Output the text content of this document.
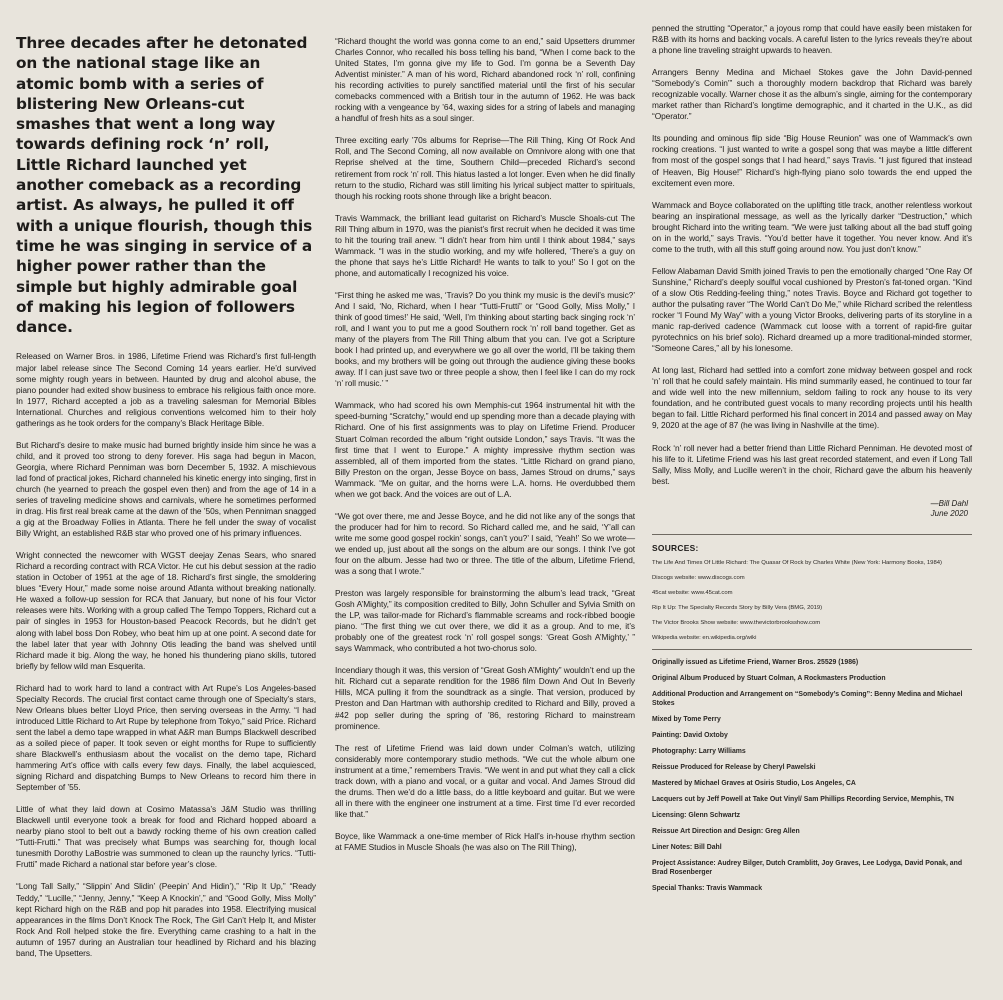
Three decades after he detonated on the national stage like an atomic bomb with a series of blistering New Orleans-cut smashes that went a long way towards defining rock ‘n’ roll, Little Richard launched yet another comeback as a recording artist. As always, he pulled it off with a unique flourish, though this time he was singing in service of a higher power rather than the simple but highly admirable goal of making his legion of followers dance.

Released on Warner Bros. in 1986, Lifetime Friend was Richard’s first full-length major label release since The Second Coming 14 years earlier. He’d survived some mighty rough years in between. Haunted by drug and alcohol abuse, the piano pounder had exited show business to embrace his religious faith once more. In 1977, Richard accepted a job as a traveling salesman for Memorial Bibles International. Churches and religious conventions welcomed him to their holy gatherings as he took orders for the company’s Black Heritage Bible.

But Richard’s desire to make music had burned brightly inside him since he was a child, and it proved too strong to deny forever. His saga had begun in Macon, Georgia, where Richard Penniman was born December 5, 1932. A mischievous lad fond of practical jokes, Richard channeled his kinetic energy into singing, first in church (he yearned to preach the gospel even then) and from the age of 14 in a series of traveling medicine shows and carnivals, where he sometimes performed in drag. His first real break came at the dawn of the ’50s, when Penniman snagged a gig at the Broadway Follies in Atlanta. There he fell under the sway of vocalist Billy Wright, an established R&B star who proved one of his primary influences.

Wright connected the newcomer with WGST deejay Zenas Sears, who snared Richard a recording contract with RCA Victor. He cut his debut session at the radio station in October of 1951 at the age of 18. Richard’s first single, the smoldering blues “Every Hour,” made some noise around Atlanta without breaking nationally. He waxed a follow-up session for RCA that January, but none of his four Victor releases were hits. Working with a group called The Tempo Toppers, Richard cut a pair of singles in 1953 for Houston-based Peacock Records, but he didn’t get along with label boss Don Robey, who beat him up at one point. A second date for the label later that year with Johnny Otis leading the band was shelved until Richard made it big. Along the way, he honed his thundering piano skills, tutored briefly by fellow wild man Esquerita.

Richard had to work hard to land a contract with Art Rupe’s Los Angeles-based Specialty Records. The crucial first contact came through one of Specialty’s stars, New Orleans blues belter Lloyd Price, then serving overseas in the Army. “I had introduced Little Richard to Art Rupe by telephone from Tokyo,” said Price. Richard sent the label a demo tape wrapped in what A&R man Bumps Blackwell described as a soiled piece of paper. It took seven or eight months for Rupe to sufficiently share Blackwell’s enthusiasm about the vocalist on the demo tape, Richard hammering Art’s office with calls every few days. Finally, the label acquiesced, signing Richard and dispatching Bumps to New Orleans to record him there in September of ’55.

Little of what they laid down at Cosimo Matassa’s J&M Studio was thrilling Blackwell until everyone took a break for food and Richard hopped aboard a nearby piano stool to belt out a bawdy rocking theme of his own creation called “Tutti-Frutti.” That was precisely what Bumps was searching for, though local tunesmith Dorothy LaBostrie was summoned to clean up the raunchy lyrics. “Tutti-Frutti” made Richard a national star before year’s close.

“Long Tall Sally,” “Slippin’ And Slidin’ (Peepin’ And Hidin’),” “Rip It Up,” “Ready Teddy,” “Lucille,” “Jenny, Jenny,” “Keep A Knockin’,” and “Good Golly, Miss Molly” kept Richard high on the R&B and pop hit parades into 1958. Electrifying musical appearances in the films Don’t Knock The Rock, The Girl Can’t Help It, and Mister Rock And Roll helped stoke the fire. Everything came crashing to a halt in the autumn of 1957 during an Australian tour headlined by Richard and his blazing band, The Upsetters.

“Richard thought the world was gonna come to an end,” said Upsetters drummer Charles Connor, who recalled his boss telling his band, “When I come back to the United States, I’m gonna give my life to God. I’m gonna be a Seventh Day Adventist minister.” A man of his word, Richard abandoned rock ‘n’ roll, confining his recording activities to purely sanctified material until the first of his secular comebacks commenced with a British tour in the autumn of 1962. He was back rocking with a vengeance by ’64, waxing sides for a string of labels and managing a handful of fresh hits as a soul singer.

Three exciting early ’70s albums for Reprise—The Rill Thing, King Of Rock And Roll, and The Second Coming, all now available on Omnivore along with one that Reprise shelved at the time, Southern Child—preceded Richard’s second retirement from rock ‘n’ roll. This hiatus lasted a lot longer. Even when he did finally return to the studio, Richard was still limiting his lyrical subject matter to spirituals, though his rocking roots shone through like a bright beacon.

Travis Wammack, the brilliant lead guitarist on Richard’s Muscle Shoals-cut The Rill Thing album in 1970, was the pianist’s first recruit when he decided it was time to hit the touring trail anew. “I didn’t hear from him until I think about 1984,” says Wammack. “I was in the studio working, and my wife hollered, ‘There’s a guy on the phone that says he’s Little Richard! He wants to talk to you!’ So I got on the phone, and automatically I recognized his voice.

“First thing he asked me was, ‘Travis? Do you think my music is the devil’s music?’ And I said, ‘No, Richard, when I hear “Tutti-Frutti” or “Good Golly, Miss Molly,” I think of good times!’ He said, ‘Well, I’m thinking about starting back singing rock ‘n’ roll, and I want you to put me a good Southern rock ‘n’ roll band together. Get as many of the players from The Rill Thing album that you can. I’ve got a Scripture book I had printed up, and everywhere we go all over the world, I’ll be taking them books, and my brothers will be going out through the audience giving these books away. If I can just save two or three people a show, then I feel like I can do my rock ‘n’ roll music.’ ”

Wammack, who had scored his own Memphis-cut 1964 instrumental hit with the speed-burning “Scratchy,” would end up spending more than a decade playing with Richard. One of his first assignments was to play on Lifetime Friend. Producer Stuart Colman recorded the album “right outside London,” says Travis. “It was the first time that I went to Europe.” A mighty impressive rhythm section was assembled, all of them imported from the states. “Little Richard on grand piano, Billy Preston on the organ, Jesse Boyce on bass, James Stroud on drums,” says Wammack. “Me on guitar, and the horns were L.A. horns. He overdubbed them when we got back. And the voices are out of L.A.

“We got over there, me and Jesse Boyce, and he did not like any of the songs that the producer had for him to record. So Richard called me, and he said, ‘Y’all can write me some good gospel rockin’ songs, can’t you?’ I said, ‘Yeah!’ So we wrote—we ended up, just about all the songs on the album are our songs. I think I’ve got four on the album. Jesse had two or three. The title of the album, Lifetime Friend, was a song that I wrote.”

Preston was largely responsible for brainstorming the album’s lead track, “Great Gosh A’Mighty,” its composition credited to Billy, John Schuller and Sylvia Smith on the LP, was tailor-made for Richard’s flammable screams and rock-ribbed boogie piano. “The first thing we cut over there, we did it as a group. And to me, it’s probably one of the greatest rock ‘n’ roll gospel songs: ‘Great Gosh A’Mighty,’ ” says Wammack, who contributed a hot two-chorus solo.

Incendiary though it was, this version of “Great Gosh A’Mighty” wouldn’t end up the hit. Richard cut a separate rendition for the 1986 film Down And Out In Beverly Hills, MCA pulling it from the soundtrack as a single. That version, produced by Preston and Dan Hartman with authorship credited to Richard and Billy, proved a #42 pop seller during the spring of ’86, restoring Richard to mainstream prominence.

The rest of Lifetime Friend was laid down under Colman’s watch, utilizing considerably more contemporary studio methods. “We cut the whole album one instrument at a time,” remembers Travis. “We went in and put what they call a click track down, with a piano and vocal, or a guitar and vocal. And James Stroud did the drums. Then we’d do a little bass, do a little keyboard and guitar. But we were all in there with the engineer one instrument at a time. First time I’d ever recorded like that.”

Boyce, like Wammack a one-time member of Rick Hall’s in-house rhythm section at FAME Studios in Muscle Shoals (he was also on The Rill Thing),

penned the strutting “Operator,” a joyous romp that could have easily been mistaken for R&B with its horns and backing vocals. A careful listen to the lyrics reveals they’re about a phone line traveling straight upwards to heaven.

Arrangers Benny Medina and Michael Stokes gave the John David-penned “Somebody’s Comin’” such a thoroughly modern backdrop that Richard was barely recognizable vocally. Warner chose it as the album’s single, aiming for the contemporary market rather than Richard’s longtime demographic, and it charted in the U.K., as did “Operator.”

Its pounding and ominous flip side “Big House Reunion” was one of Wammack’s own rocking creations. “I just wanted to write a gospel song that was maybe a little different from most of the gospel songs that I had heard,” says Travis. “I just figured that instead of Heaven, Big House!” Richard’s high-flying piano solo towards the end upped the excitement even more.

Wammack and Boyce collaborated on the uplifting title track, another relentless workout bearing an inspirational message, as well as the lyrically darker “Destruction,” which brought Richard into the writing team. “We were just talking about all the bad stuff going on in the world,” says Travis. “You’d better have it together. You never know. And it’s come to the truth, with all this stuff going around now. You just don’t know.”

Fellow Alabaman David Smith joined Travis to pen the emotionally charged “One Ray Of Sunshine,” Richard’s deeply soulful vocal cushioned by Preston’s fat-toned organ. “Kind of a slow Otis Redding-feeling thing,” notes Travis. Boyce and Richard got together to author the pulsating raver “The World Can’t Do Me,” while Richard scribed the relentless rocker “I Found My Way” with a young Victor Brooks, delivering parts of its storyline in a manic rap-derived cadence (Wammack cut loose with a torrent of rapid-fire guitar pyrotechnics on his brief solo). Richard dreamed up a more traditional-minded stormer, “Someone Cares,” all by his lonesome.

At long last, Richard had settled into a comfort zone midway between gospel and rock ‘n’ roll that he could safely maintain. His mind summarily eased, he continued to tour far and wide well into the new millennium, seldom failing to rock any house to its very foundation, and he contributed guest vocals to many recording projects until his health began to fail. Little Richard performed his final concert in 2014 and passed away on May 9, 2020 at the age of 87 (he was living in Nashville at the time).

Rock ‘n’ roll never had a better friend than Little Richard Penniman. He devoted most of his life to it. Lifetime Friend was his last great recorded statement, and even if Long Tall Sally, Miss Molly, and Lucille weren’t in the choir, Richard gave the album his heavenly best.

—Bill Dahl
June 2020
SOURCES:
The Life And Times Of Little Richard: The Quasar Of Rock by Charles White (New York: Harmony Books, 1984)
Discogs website: www.discogs.com
45cat website: www.45cat.com
Rip It Up: The Specialty Records Story by Billy Vera (BMG, 2019)
The Victor Brooks Show website: www.thevictorbrooksshow.com
Wikipedia website: en.wikipedia.org/wiki

Originally issued as Lifetime Friend, Warner Bros. 25529 (1986)

Original Album Produced by Stuart Colman, A Rockmasters Production

Additional Production and Arrangement on “Somebody’s Coming”: Benny Medina and Michael Stokes

Mixed by Tome Perry

Painting: David Oxtoby

Photography: Larry Williams

Reissue Produced for Release by Cheryl Pawelski

Mastered by Michael Graves at Osiris Studio, Los Angeles, CA

Lacquers cut by Jeff Powell at Take Out Vinyl/ Sam Phillips Recording Service, Memphis, TN

Licensing: Glenn Schwartz

Reissue Art Direction and Design: Greg Allen

Liner Notes: Bill Dahl

Project Assistance: Audrey Bilger, Dutch Cramblitt, Joy Graves, Lee Lodyga, David Ponak, and Brad Rosenberger

Special Thanks: Travis Wammack
